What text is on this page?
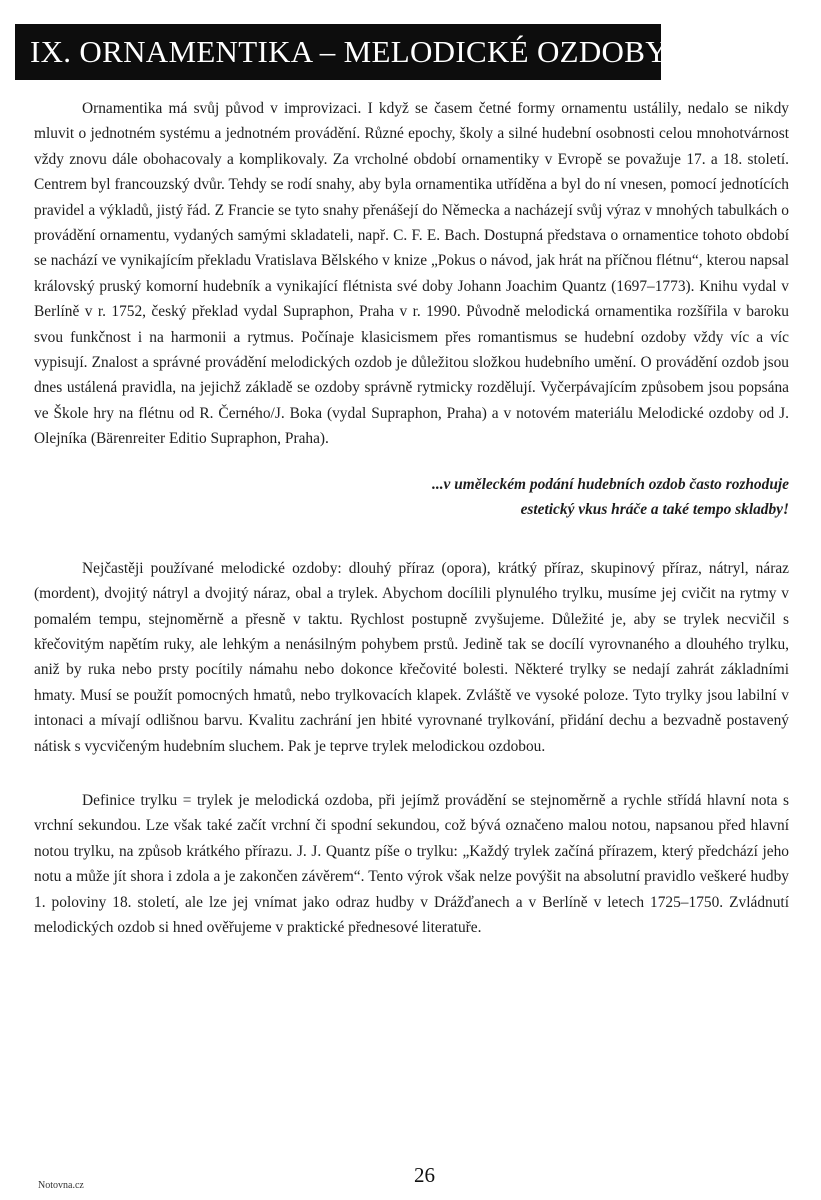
IX. ORNAMENTIKA – MELODICKÉ OZDOBY

Ornamentika má svůj původ v improvizaci. I když se časem četné formy ornamentu ustálily, nedalo se nikdy mluvit o jednotném systému a jednotném provádění. Různé epochy, školy a silné hudební osobnosti celou mnohotvárnost vždy znovu dále obohacovaly a komplikovaly. Za vrcholné období ornamentiky v Evropě se považuje 17. a 18. století. Centrem byl francouzský dvůr. Tehdy se rodí snahy, aby byla ornamentika utříděna a byl do ní vnesen, pomocí jednotících pravidel a výkladů, jistý řád. Z Francie se tyto snahy přenášejí do Německa a nacházejí svůj výraz v mnohých tabulkách o provádění ornamentu, vydaných samými skladateli, např. C. F. E. Bach. Dostupná představa o ornamentice tohoto období se nachází ve vynikajícím překladu Vratislava Bělského v knize „Pokus o návod, jak hrát na příčnou flétnu“, kterou napsal královský pruský komorní hudebník a vynikající flétnista své doby Johann Joachim Quantz (1697–1773). Knihu vydal v Berlíně v r. 1752, český překlad vydal Supraphon, Praha v r. 1990. Původně melodická ornamentika rozšířila v baroku svou funkčnost i na harmonii a rytmus. Počínaje klasicismem přes romantismus se hudební ozdoby vždy víc a víc vypisují. Znalost a správné provádění melodických ozdob je důležitou složkou hudebního umění. O provádění ozdob jsou dnes ustálená pravidla, na jejichž základě se ozdoby správně rytmicky rozdělují. Vyčerpávajícím způsobem jsou popsána ve Škole hry na flétnu od R. Černého/J. Boka (vydal Supraphon, Praha) a v notovém materiálu Melodické ozdoby od J. Olejníka (Bärenreiter Editio Supraphon, Praha).

...v uměleckém podání hudebních ozdob často rozhoduje
estetický vkus hráče a také tempo skladby!

Nejčastěji používané melodické ozdoby: dlouhý příraz (opora), krátký příraz, skupinový příraz, nátryl, náraz (mordent), dvojitý nátryl a dvojitý náraz, obal a trylek. Abychom docílili plynulého trylku, musíme jej cvičit na rytmy v pomalém tempu, stejnoměrně a přesně v taktu. Rychlost postupně zvyšujeme. Důležité je, aby se trylek necvičil s křečovitým napětím ruky, ale lehkým a nenásilným pohybem prstů. Jedině tak se docílí vyrovnaného a dlouhého trylku, aniž by ruka nebo prsty pocítily námahu nebo dokonce křečovité bolesti. Některé trylky se nedají zahrát základními hmaty. Musí se použít pomocných hmatů, nebo trylkovacích klapek. Zvláště ve vysoké poloze. Tyto trylky jsou labilní v intonaci a mívají odlišnou barvu. Kvalitu zachrání jen hbité vyrovnané trylkování, přidání dechu a bezvadně postavený nátisk s vycvičeným hudebním sluchem. Pak je teprve trylek melodickou ozdobou.

Definice trylku = trylek je melodická ozdoba, při jejímž provádění se stejnoměrně a rychle střídá hlavní nota s vrchní sekundou. Lze však také začít vrchní či spodní sekundou, což bývá označeno malou notou, napsanou před hlavní notou trylku, na způsob krátkého přírazu. J. J. Quantz píše o trylku: „Každý trylek začíná přírazem, který předchází jeho notu a může jít shora i zdola a je zakončen závěrem“. Tento výrok však nelze povýšit na absolutní pravidlo veškeré hudby 1. poloviny 18. století, ale lze jej vnímat jako odraz hudby v Drážďanech a v Berlíně v letech 1725–1750. Zvládnutí melodických ozdob si hned ověřujeme v praktické přednesové literatuře.

Notovna.cz	26
